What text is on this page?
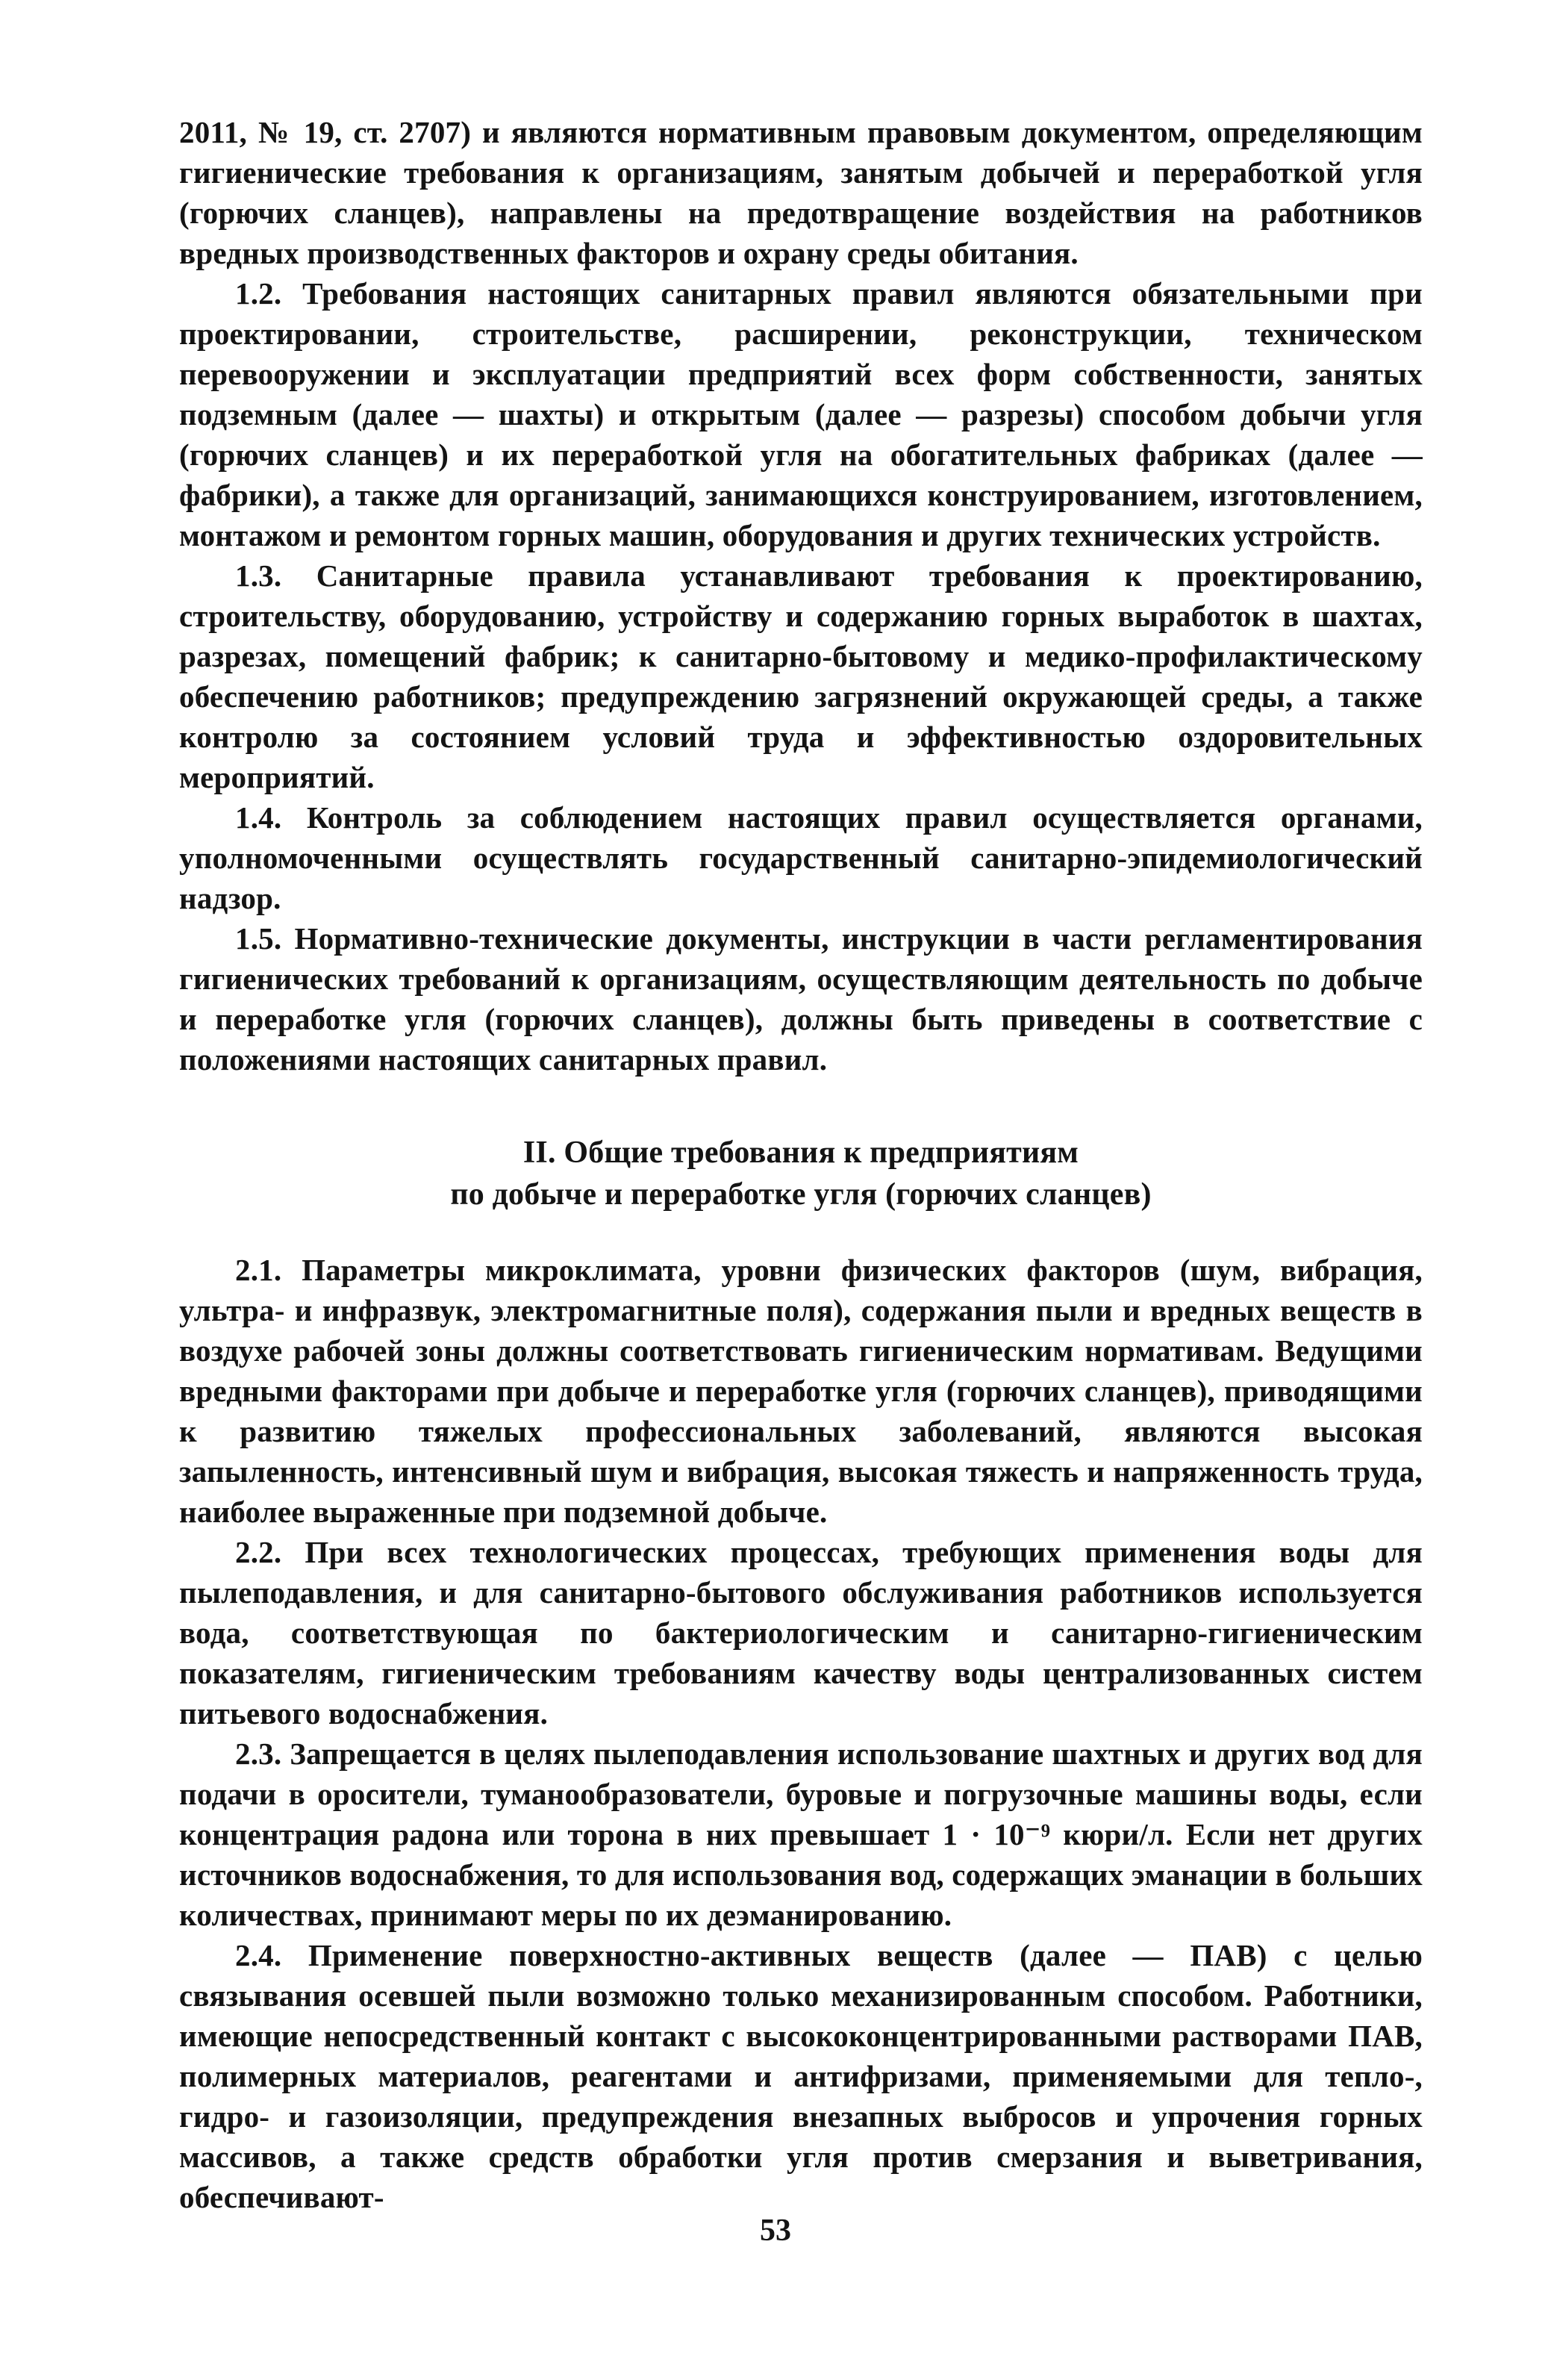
2011, № 19, ст. 2707) и являются нормативным правовым документом, определяющим гигиенические требования к организациям, занятым добычей и переработкой угля (горючих сланцев), направлены на предотвращение воздействия на работников вредных производственных факторов и охрану среды обитания.

1.2. Требования настоящих санитарных правил являются обязательными при проектировании, строительстве, расширении, реконструкции, техническом перевооружении и эксплуатации предприятий всех форм собственности, занятых подземным (далее — шахты) и открытым (далее — разрезы) способом добычи угля (горючих сланцев) и их переработкой угля на обогатительных фабриках (далее — фабрики), а также для организаций, занимающихся конструированием, изготовлением, монтажом и ремонтом горных машин, оборудования и других технических устройств.

1.3. Санитарные правила устанавливают требования к проектированию, строительству, оборудованию, устройству и содержанию горных выработок в шахтах, разрезах, помещений фабрик; к санитарно-бытовому и медико-профилактическому обеспечению работников; предупреждению загрязнений окружающей среды, а также контролю за состоянием условий труда и эффективностью оздоровительных мероприятий.

1.4. Контроль за соблюдением настоящих правил осуществляется органами, уполномоченными осуществлять государственный санитарно-эпидемиологический надзор.

1.5. Нормативно-технические документы, инструкции в части регламентирования гигиенических требований к организациям, осуществляющим деятельность по добыче и переработке угля (горючих сланцев), должны быть приведены в соответствие с положениями настоящих санитарных правил.

II. Общие требования к предприятиям
по добыче и переработке угля (горючих сланцев)

2.1. Параметры микроклимата, уровни физических факторов (шум, вибрация, ультра- и инфразвук, электромагнитные поля), содержания пыли и вредных веществ в воздухе рабочей зоны должны соответствовать гигиеническим нормативам. Ведущими вредными факторами при добыче и переработке угля (горючих сланцев), приводящими к развитию тяжелых профессиональных заболеваний, являются высокая запыленность, интенсивный шум и вибрация, высокая тяжесть и напряженность труда, наиболее выраженные при подземной добыче.

2.2. При всех технологических процессах, требующих применения воды для пылеподавления, и для санитарно-бытового обслуживания работников используется вода, соответствующая по бактериологическим и санитарно-гигиеническим показателям, гигиеническим требованиям качеству воды централизованных систем питьевого водоснабжения.

2.3. Запрещается в целях пылеподавления использование шахтных и других вод для подачи в оросители, туманообразователи, буровые и погрузочные машины воды, если концентрация радона или торона в них превышает 1 · 10⁻⁹ кюри/л. Если нет других источников водоснабжения, то для использования вод, содержащих эманации в больших количествах, принимают меры по их деэманированию.

2.4. Применение поверхностно-активных веществ (далее — ПАВ) с целью связывания осевшей пыли возможно только механизированным способом. Работники, имеющие непосредственный контакт с высококонцентрированными растворами ПАВ, полимерных материалов, реагентами и антифризами, применяемыми для тепло-, гидро- и газоизоляции, предупреждения внезапных выбросов и упрочения горных массивов, а также средств обработки угля против смерзания и выветривания, обеспечивают-

53
